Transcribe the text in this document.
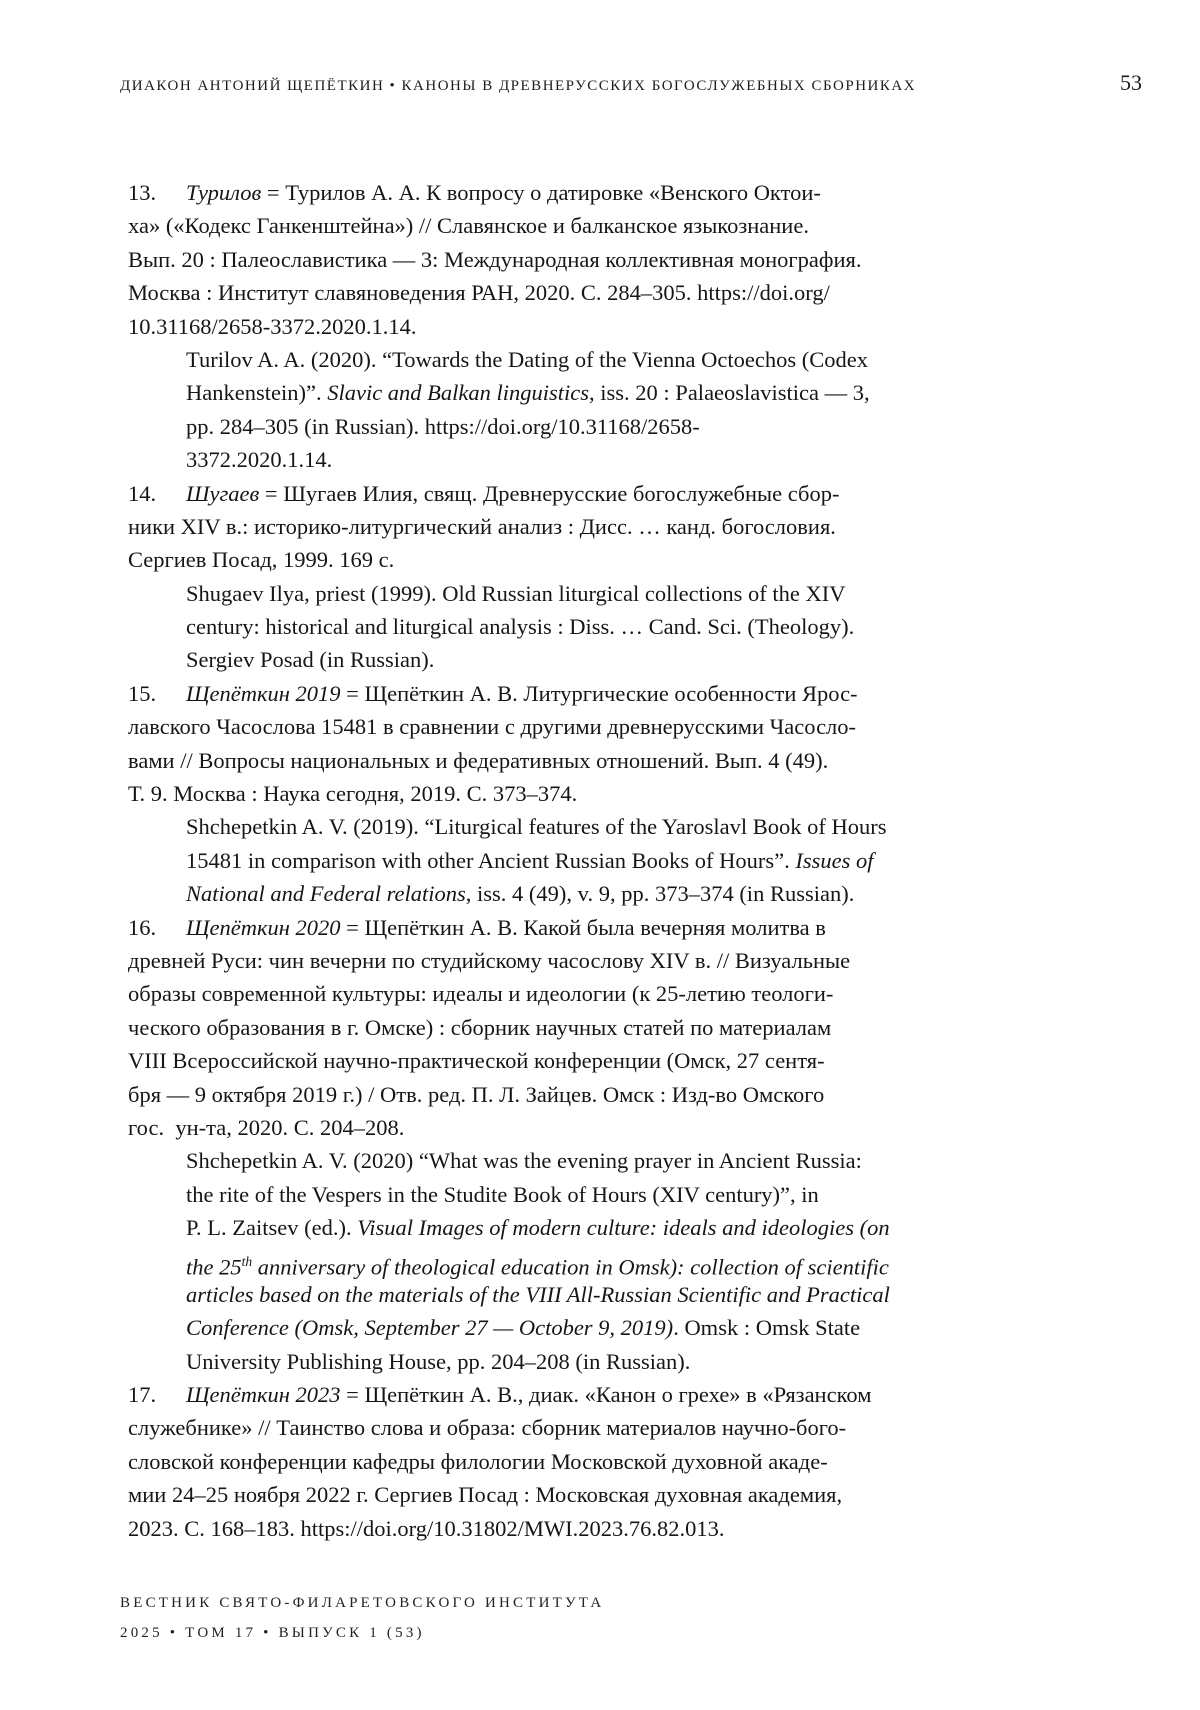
ДИАКОН АНТОНИЙ ЩЕПЁТКИН • КАНОНЫ В ДРЕВНЕРУССКИХ БОГОСЛУЖЕБНЫХ СБОРНИКАХ	53
13. Турилов = Турилов А. А. К вопросу о датировке «Венского Октои-
ха» («Кодекс Ганкенштейна») // Славянское и балканское языкознание.
Вып. 20 : Палеославистика — 3: Международная коллективная монография.
Москва : Институт славяноведения РАН, 2020. С. 284–305. https://doi.org/
10.31168/2658-3372.2020.1.14.
Turilov A. A. (2020). “Towards the Dating of the Vienna Octoechos (Codex
Hankenstein)”. Slavic and Balkan linguistics, iss. 20 : Palaeoslavistica — 3,
pp. 284–305 (in Russian). https://doi.org/10.31168/2658-
3372.2020.1.14.
14. Шугаев = Шугаев Илия, свящ. Древнерусские богослужебные сбор-
ники XIV в.: историко-литургический анализ : Дисс. … канд. богословия.
Сергиев Посад, 1999. 169 с.
Shugaev Ilya, priest (1999). Old Russian liturgical collections of the XIV
century: historical and liturgical analysis : Diss. … Cand. Sci. (Theology).
Sergiev Posad (in Russian).
15. Щепёткин 2019 = Щепёткин А. В. Литургические особенности Ярос-
лавского Часослова 15481 в сравнении с другими древнерусскими Часосло-
вами // Вопросы национальных и федеративных отношений. Вып. 4 (49).
Т. 9. Москва : Наука сегодня, 2019. С. 373–374.
Shchepetkin A. V. (2019). “Liturgical features of the Yaroslavl Book of Hours
15481 in comparison with other Ancient Russian Books of Hours”. Issues of
National and Federal relations, iss. 4 (49), v. 9, pp. 373–374 (in Russian).
16. Щепёткин 2020 = Щепёткин А. В. Какой была вечерняя молитва в
древней Руси: чин вечерни по студийскому часослову XIV в. // Визуальные
образы современной культуры: идеалы и идеологии (к 25-летию теологи-
ческого образования в г. Омске) : сборник научных статей по материалам
VIII Всероссийской научно-практической конференции (Омск, 27 сентя-
бря — 9 октября 2019 г.) / Отв. ред. П. Л. Зайцев. Омск : Изд-во Омского
гос. ун-та, 2020. С. 204–208.
Shchepetkin A. V. (2020) “What was the evening prayer in Ancient Russia:
the rite of the Vespers in the Studite Book of Hours (XIV century)”, in
P. L. Zaitsev (ed.). Visual Images of modern culture: ideals and ideologies (on
the 25th anniversary of theological education in Omsk): collection of scientific
articles based on the materials of the VIII All-Russian Scientific and Practical
Conference (Omsk, September 27 — October 9, 2019). Omsk : Omsk State
University Publishing House, pp. 204–208 (in Russian).
17. Щепёткин 2023 = Щепёткин А. В., диак. «Канон о грехе» в «Рязанском
служебнике» // Таинство слова и образа: сборник материалов научно-бого-
словской конференции кафедры филологии Московской духовной акаде-
мии 24–25 ноября 2022 г. Сергиев Посад : Московская духовная академия,
2023. С. 168–183. https://doi.org/10.31802/MWI.2023.76.82.013.
ВЕСТНИК СВЯТО-ФИЛАРЕТОВСКОГО ИНСТИТУТА
2025 • ТОМ 17 • ВЫПУСК 1 (53)
